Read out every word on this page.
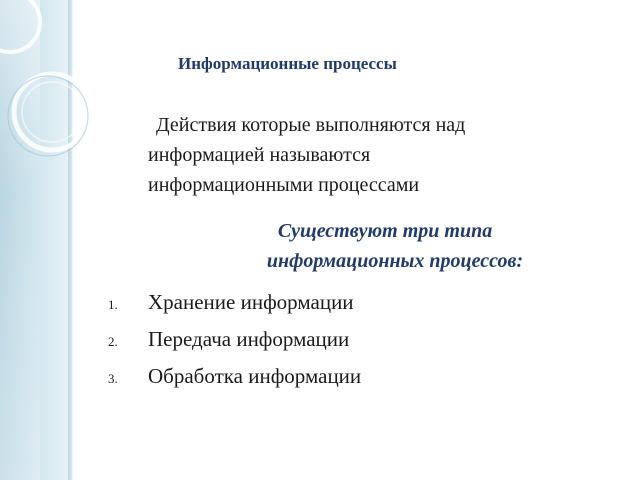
Информационные процессы
Действия которые выполняются над
информацией называются
информационными процессами
Существуют три типа
информационных процессов:
1.	Хранение информации
2.	Передача информации
3.	Обработка информации
